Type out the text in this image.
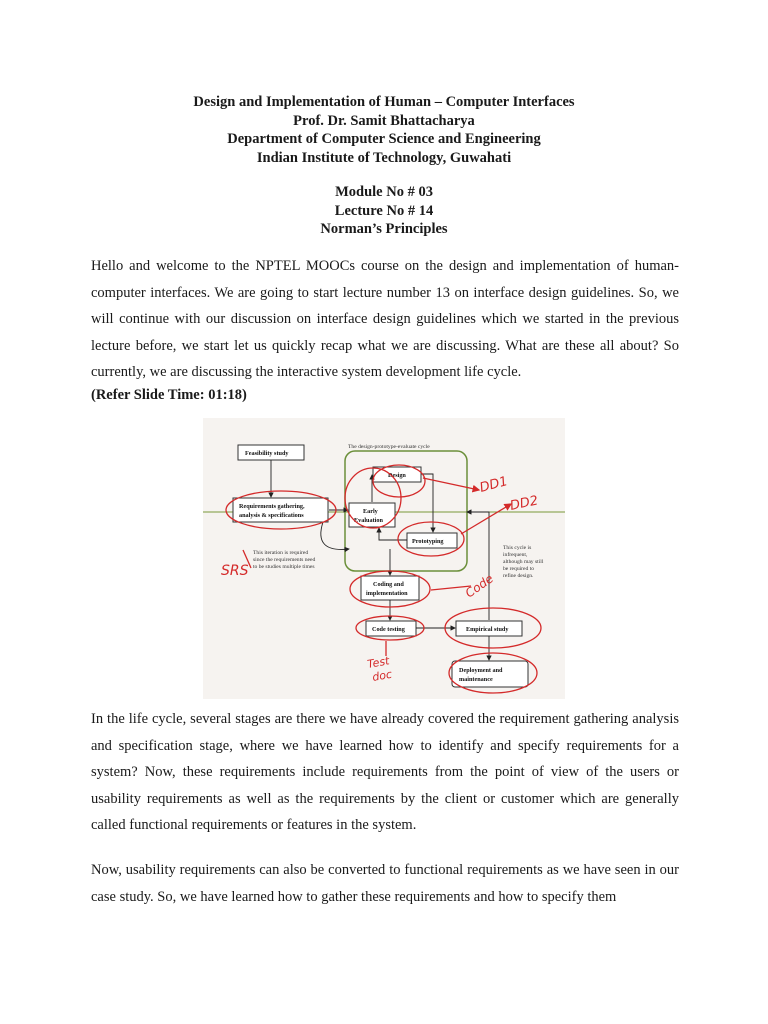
Design and Implementation of Human – Computer Interfaces
Prof. Dr. Samit Bhattacharya
Department of Computer Science and Engineering
Indian Institute of Technology, Guwahati
Module No # 03
Lecture No # 14
Norman’s Principles

Hello and welcome to the NPTEL MOOCs course on the design and implementation of human-computer interfaces. We are going to start lecture number 13 on interface design guidelines. So, we will continue with our discussion on interface design guidelines which we started in the previous lecture before, we start let us quickly recap what we are discussing. What are these all about? So currently, we are discussing the interactive system development life cycle.

(Refer Slide Time: 01:18)
The design-prototype-evaluate cycle
Feasibility study
Requirements gathering,
analysis & specifications
Design
Early
Evaluation
Prototyping
Coding and
implementation
Code testing	Empirical study
Deployment and
maintenance
This iteration is required
since the requirements need
to be studies multiple times
This cycle is
infrequent,
although may still
be required to
refine design.
DD1
DD2
SRS
Code
Test
doc

In the life cycle, several stages are there we have already covered the requirement gathering analysis and specification stage, where we have learned how to identify and specify requirements for a system? Now, these requirements include requirements from the point of view of the users or usability requirements as well as the requirements by the client or customer which are generally called functional requirements or features in the system.

Now, usability requirements can also be converted to functional requirements as we have seen in our case study. So, we have learned how to gather these requirements and how to specify them
